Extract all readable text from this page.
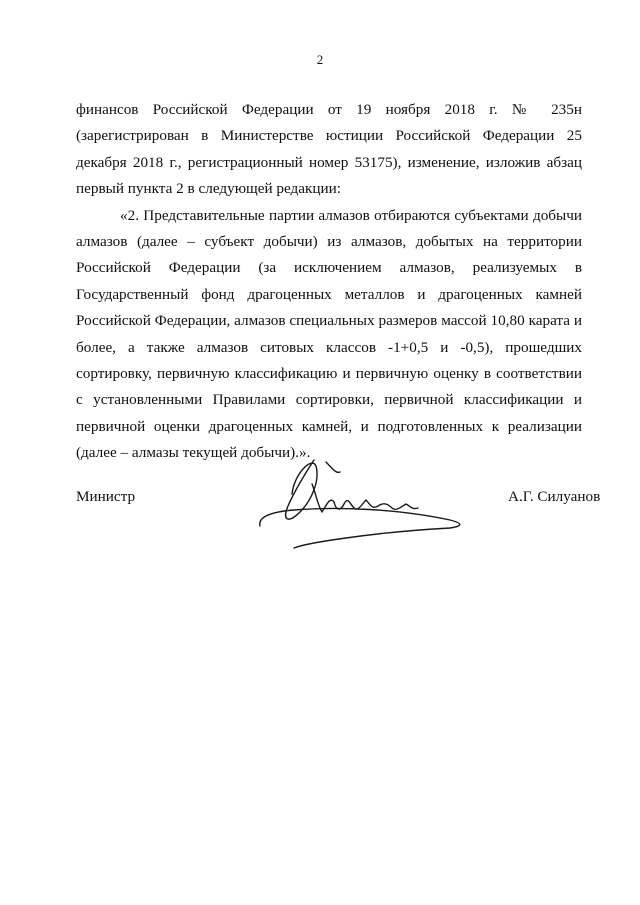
2

финансов Российской Федерации от 19 ноября 2018 г. № 235н (зарегистрирован в Министерстве юстиции Российской Федерации 25 декабря 2018 г., регистрационный номер 53175), изменение, изложив абзац первый пункта 2 в следующей редакции:

«2. Представительные партии алмазов отбираются субъектами добычи алмазов (далее – субъект добычи) из алмазов, добытых на территории Российской Федерации (за исключением алмазов, реализуемых в Государственный фонд драгоценных металлов и драгоценных камней Российской Федерации, алмазов специальных размеров массой 10,80 карата и более, а также алмазов ситовых классов -1+0,5 и -0,5), прошедших сортировку, первичную классификацию и первичную оценку в соответствии с установленными Правилами сортировки, первичной классификации и первичной оценки драгоценных камней, и подготовленных к реализации (далее – алмазы текущей добычи).».

Министр	А.Г. Силуанов
